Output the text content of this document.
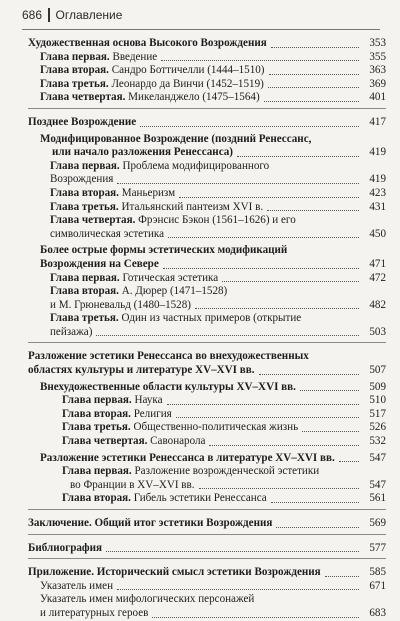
686 Оглавление
Художественная основа Высокого Возрождения	353
Глава первая. Введение	355
Глава вторая. Сандро Боттичелли (1444–1510)	363
Глава третья. Леонардо да Винчи (1452–1519)	369
Глава четвертая. Микеланджело (1475–1564)	401
Позднее Возрождение	417
Модифицированное Возрождение (поздний Ренессанс,
или начало разложения Ренессанса)	419
Глава первая. Проблема модифицированного
Возрождения	419
Глава вторая. Маньеризм	423
Глава третья. Итальянский пантеизм XVI в.	431
Глава четвертая. Фрэнсис Бэкон (1561–1626) и его
символическая эстетика	450
Более острые формы эстетических модификаций
Возрождения на Севере	471
Глава первая. Готическая эстетика	472
Глава вторая. А. Дюрер (1471–1528)
и М. Грюневальд (1480–1528)	482
Глава третья. Один из частных примеров (открытие
пейзажа)	503
Разложение эстетики Ренессанса во внехудожественных
областях культуры и литературе XV–XVI вв.	507
Внехудожественные области культуры XV–XVI вв.	509
Глава первая. Наука	510
Глава вторая. Религия	517
Глава третья. Общественно-политическая жизнь	526
Глава четвертая. Савонарола	532
Разложение эстетики Ренессанса в литературе XV–XVI вв.	547
Глава первая. Разложение возрожденческой эстетики
во Франции в XV–XVI вв.	547
Глава вторая. Гибель эстетики Ренессанса	561
Заключение. Общий итог эстетики Возрождения	569
Библиография	577
Приложение. Исторический смысл эстетики Возрождения	585
Указатель имен	671
Указатель имен мифологических персонажей
и литературных героев	683
